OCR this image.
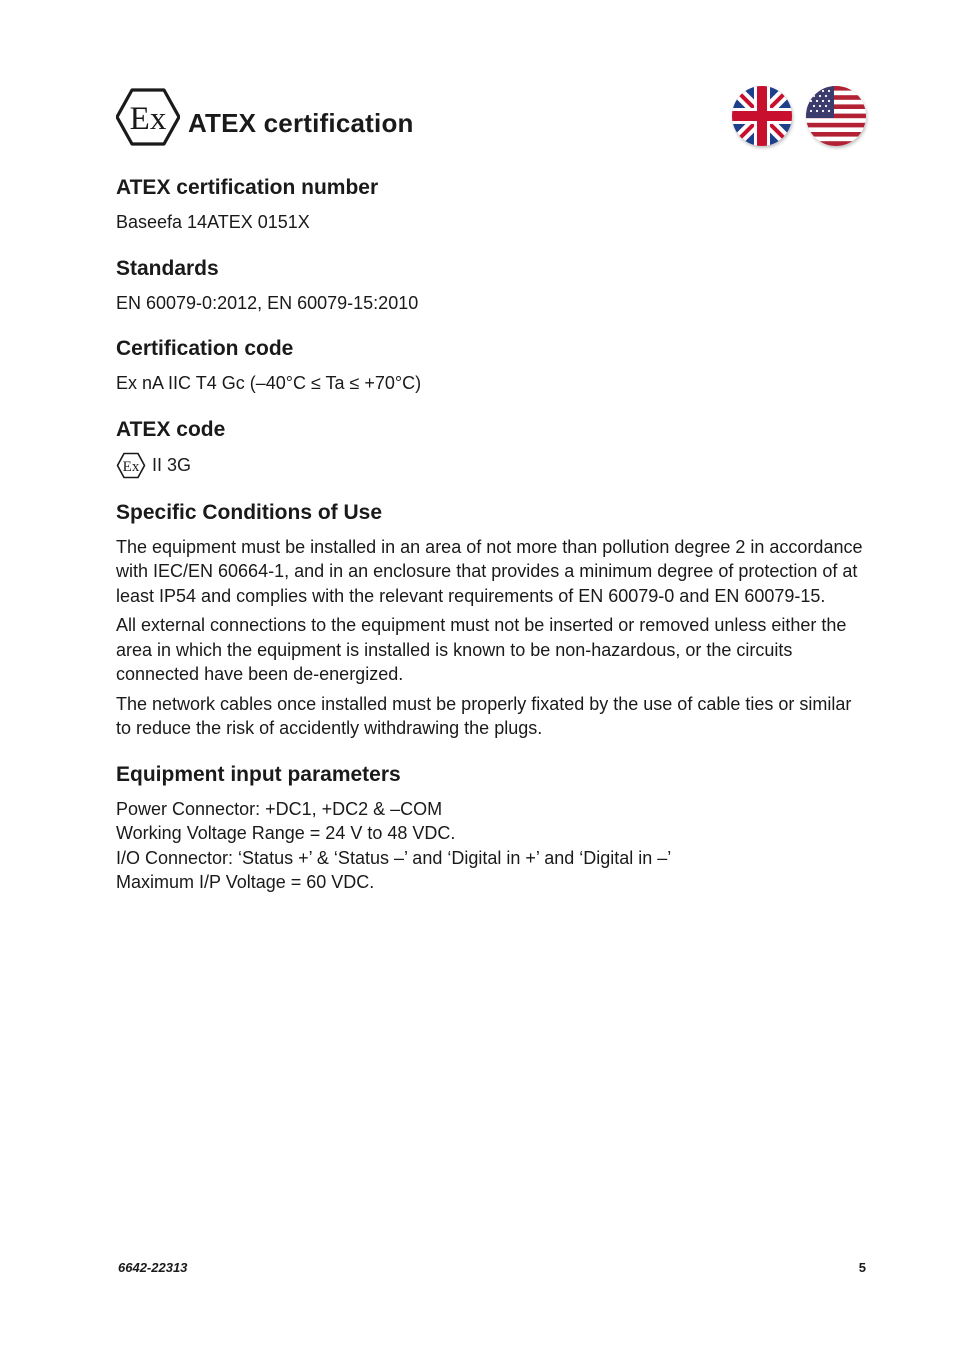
Ex ATEX certification
ATEX certification number

Baseefa 14ATEX 0151X

Standards

EN 60079-0:2012, EN 60079-15:2010

Certification code

Ex nA IIC T4 Gc (–40°C ≤ Ta ≤ +70°C)

ATEX code
Ex II 3G
Specific Conditions of Use

The equipment must be installed in an area of not more than pollution degree 2 in accordance with IEC/EN 60664-1, and in an enclosure that provides a minimum degree of protection of at least IP54 and complies with the relevant requirements of EN 60079-0 and EN 60079-15.

All external connections to the equipment must not be inserted or removed unless either the area in which the equipment is installed is known to be non-hazardous, or the circuits connected have been de-energized.

The network cables once installed must be properly fixated by the use of cable ties or similar to reduce the risk of accidently withdrawing the plugs.

Equipment input parameters

Power Connector: +DC1, +DC2 & –COM

Working Voltage Range = 24 V to 48 VDC.

I/O Connector: ‘Status +’ & ‘Status –’ and ‘Digital in +’ and ‘Digital in –’

Maximum I/P Voltage = 60 VDC.

6642-22313	5
